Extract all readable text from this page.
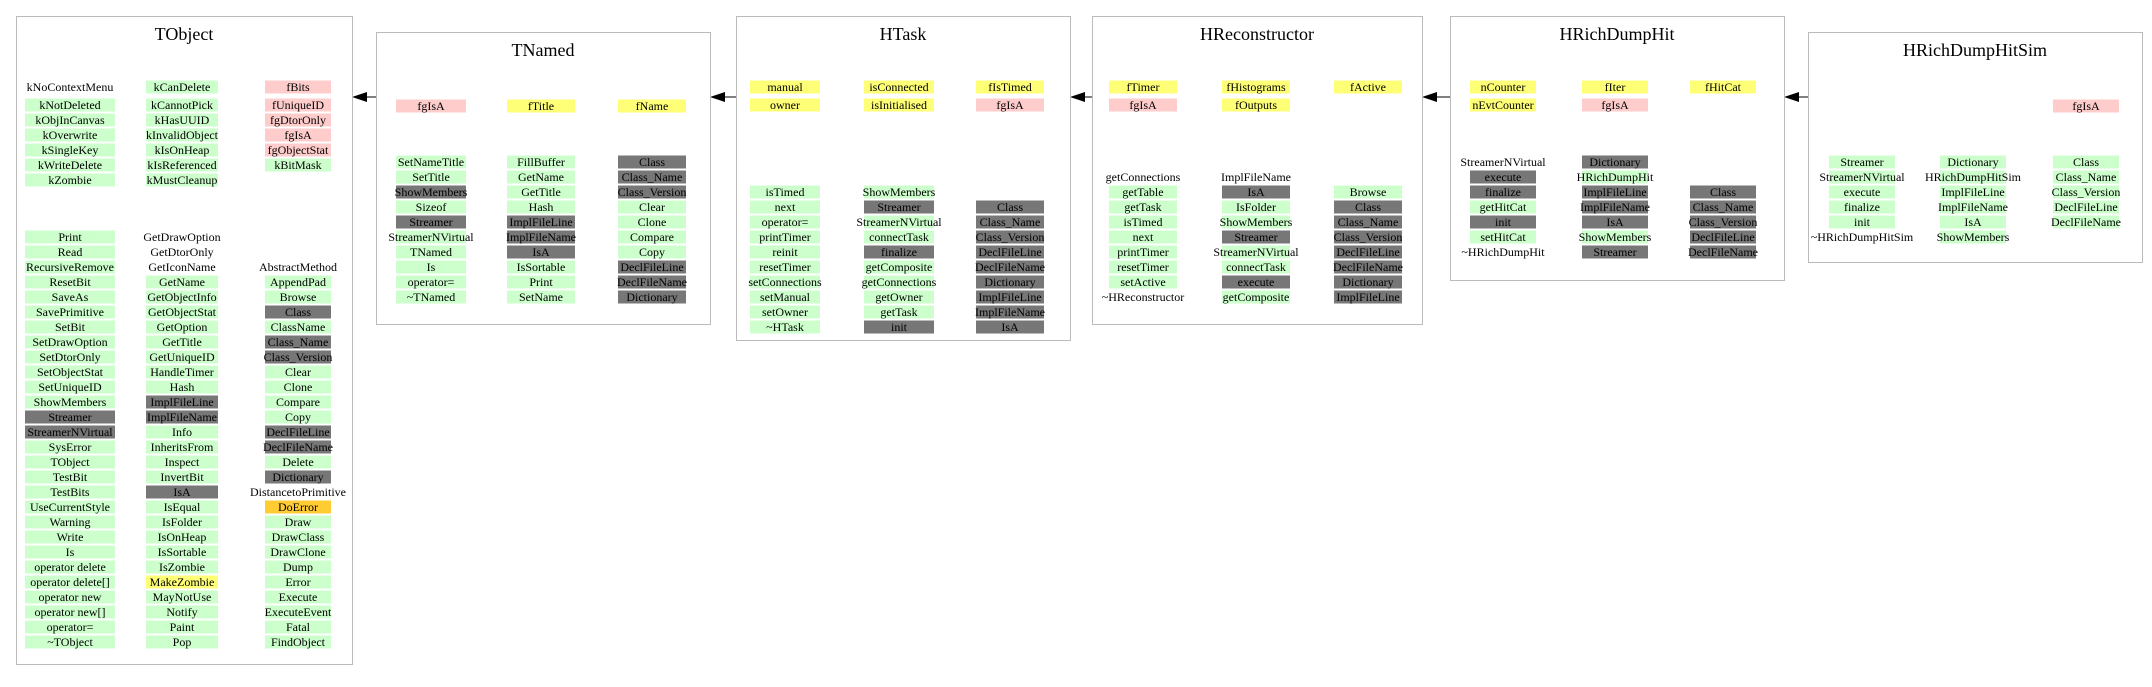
TObject
kNoContextMenu
kNotDeleted
kObjInCanvas
kOverwrite
kSingleKey
kWriteDelete
kZombie
Print
Read
RecursiveRemove
ResetBit
SaveAs
SavePrimitive
SetBit
SetDrawOption
SetDtorOnly
SetObjectStat
SetUniqueID
ShowMembers
Streamer
StreamerNVirtual
SysError
TObject
TestBit
TestBits
UseCurrentStyle
Warning
Write
Is
operator delete
operator delete[]
operator new
operator new[]
operator=
~TObject
kCanDelete
kCannotPick
kHasUUID
kInvalidObject
kIsOnHeap
kIsReferenced
kMustCleanup
GetDrawOption
GetDtorOnly
GetIconName
GetName
GetObjectInfo
GetObjectStat
GetOption
GetTitle
GetUniqueID
HandleTimer
Hash
ImplFileLine
ImplFileName
Info
InheritsFrom
Inspect
InvertBit
IsA
IsEqual
IsFolder
IsOnHeap
IsSortable
IsZombie
MakeZombie
MayNotUse
Notify
Paint
Pop
fBits
fUniqueID
fgDtorOnly
fgIsA
fgObjectStat
kBitMask
AbstractMethod
AppendPad
Browse
Class
ClassName
Class_Name
Class_Version
Clear
Clone
Compare
Copy
DeclFileLine
DeclFileName
Delete
Dictionary
DistancetoPrimitive
DoError
Draw
DrawClass
DrawClone
Dump
Error
Execute
ExecuteEvent
Fatal
FindObject
TNamed
fgIsA
SetNameTitle
SetTitle
ShowMembers
Sizeof
Streamer
StreamerNVirtual
TNamed
Is
operator=
~TNamed
fTitle
FillBuffer
GetName
GetTitle
Hash
ImplFileLine
ImplFileName
IsA
IsSortable
Print
SetName
fName
Class
Class_Name
Class_Version
Clear
Clone
Compare
Copy
DeclFileLine
DeclFileName
Dictionary
HTask
manual
owner
isTimed
next
operator=
printTimer
reinit
resetTimer
setConnections
setManual
setOwner
~HTask
isConnected
isInitialised
ShowMembers
Streamer
StreamerNVirtual
connectTask
finalize
getComposite
getConnections
getOwner
getTask
init
fIsTimed
fgIsA
Class
Class_Name
Class_Version
DeclFileLine
DeclFileName
Dictionary
ImplFileLine
ImplFileName
IsA
HReconstructor
fTimer
fgIsA
getConnections
getTable
getTask
isTimed
next
printTimer
resetTimer
setActive
~HReconstructor
fHistograms
fOutputs
ImplFileName
IsA
IsFolder
ShowMembers
Streamer
StreamerNVirtual
connectTask
execute
getComposite
fActive
Browse
Class
Class_Name
Class_Version
DeclFileLine
DeclFileName
Dictionary
ImplFileLine
HRichDumpHit
nCounter
nEvtCounter
StreamerNVirtual
execute
finalize
getHitCat
init
setHitCat
~HRichDumpHit
fIter
fgIsA
Dictionary
HRichDumpHit
ImplFileLine
ImplFileName
IsA
ShowMembers
Streamer
fHitCat
Class
Class_Name
Class_Version
DeclFileLine
DeclFileName
HRichDumpHitSim
Streamer
StreamerNVirtual
execute
finalize
init
~HRichDumpHitSim
Dictionary
HRichDumpHitSim
ImplFileLine
ImplFileName
IsA
ShowMembers
fgIsA
Class
Class_Name
Class_Version
DeclFileLine
DeclFileName
